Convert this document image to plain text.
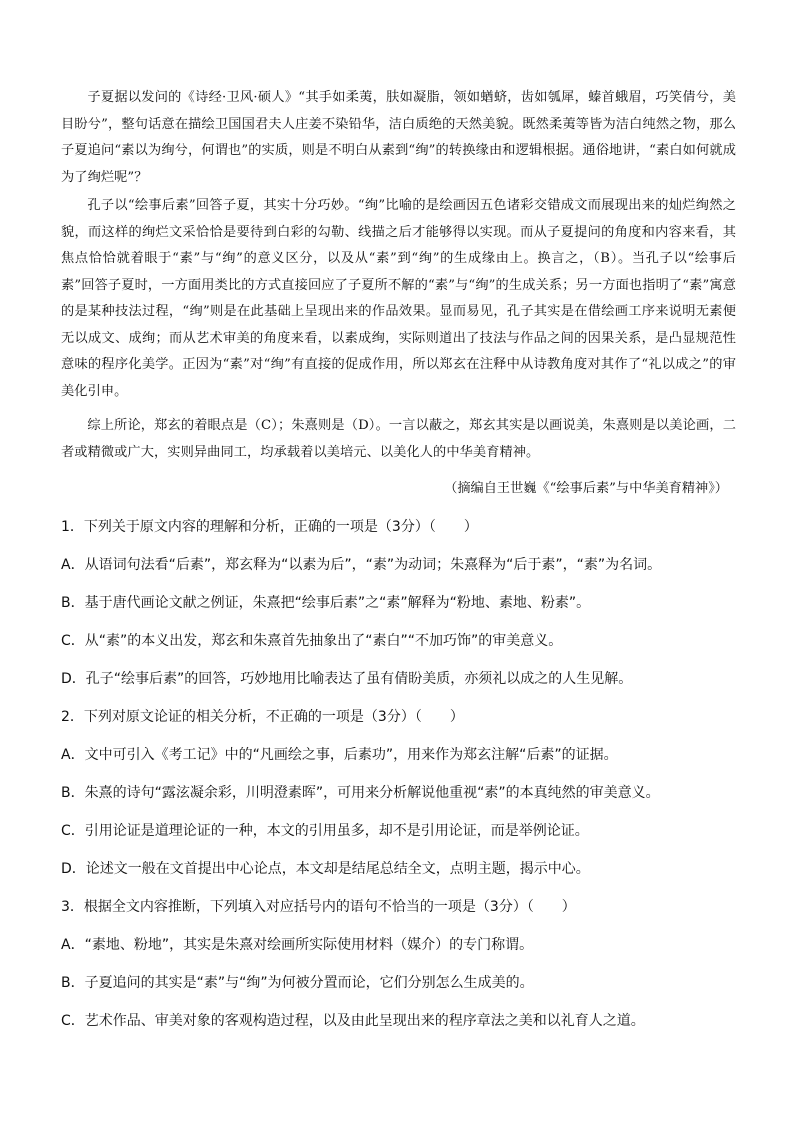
子夏据以发问的《诗经·卫风·硕人》“其手如柔荑，肤如凝脂，领如蝤蛴，齿如瓠犀，螓首蛾眉，巧笑倩兮，美目盼兮”，整句话意在描绘卫国国君夫人庄姜不染铅华，洁白质绝的天然美貌。既然柔荑等皆为洁白纯然之物，那么子夏追问“素以为绚兮，何谓也”的实质，则是不明白从素到“绚”的转换缘由和逻辑根据。通俗地讲，“素白如何就成为了绚烂呢”？

孔子以“绘事后素”回答子夏，其实十分巧妙。“绚”比喻的是绘画因五色诸彩交错成文而展现出来的灿烂绚然之貌，而这样的绚烂文采恰恰是要待到白彩的勾勒、线描之后才能够得以实现。而从子夏提问的角度和内容来看，其焦点恰恰就着眼于“素”与“绚”的意义区分，以及从“素”到“绚”的生成缘由上。换言之，（B）。当孔子以“绘事后素”回答子夏时，一方面用类比的方式直接回应了子夏所不解的“素”与“绚”的生成关系；另一方面也指明了“素”寓意的是某种技法过程，“绚”则是在此基础上呈现出来的作品效果。显而易见，孔子其实是在借绘画工序来说明无素便无以成文、成绚；而从艺术审美的角度来看，以素成绚，实际则道出了技法与作品之间的因果关系，是凸显规范性意味的程序化美学。正因为“素”对“绚”有直接的促成作用，所以郑玄在注释中从诗教角度对其作了“礼以成之”的审美化引申。

综上所论，郑玄的着眼点是（C）；朱熹则是（D）。一言以蔽之，郑玄其实是以画说美，朱熹则是以美论画，二者或精微或广大，实则异曲同工，均承载着以美培元、以美化人的中华美育精神。

（摘编自王世巍《“绘事后素”与中华美育精神》）
1．下列关于原文内容的理解和分析，正确的一项是（3分）（　　）
A．从语词句法看“后素”，郑玄释为“以素为后”，“素”为动词；朱熹释为“后于素”，“素”为名词。
B．基于唐代画论文献之例证，朱熹把“绘事后素”之“素”解释为“粉地、素地、粉素”。
C．从“素”的本义出发，郑玄和朱熹首先抽象出了“素白”“不加巧饰”的审美意义。
D．孔子“绘事后素”的回答，巧妙地用比喻表达了虽有倩盼美质，亦须礼以成之的人生见解。
2．下列对原文论证的相关分析，不正确的一项是（3分）（　　）
A．文中可引入《考工记》中的“凡画绘之事，后素功”，用来作为郑玄注解“后素”的证据。
B．朱熹的诗句“露泫凝余彩，川明澄素晖”，可用来分析解说他重视“素”的本真纯然的审美意义。
C．引用论证是道理论证的一种，本文的引用虽多，却不是引用论证，而是举例论证。
D．论述文一般在文首提出中心论点，本文却是结尾总结全文，点明主题，揭示中心。
3．根据全文内容推断，下列填入对应括号内的语句不恰当的一项是（3分）（　　）
A．“素地、粉地”，其实是朱熹对绘画所实际使用材料（媒介）的专门称谓。
B．子夏追问的其实是“素”与“绚”为何被分置而论，它们分别怎么生成美的。
C．艺术作品、审美对象的客观构造过程，以及由此呈现出来的程序章法之美和以礼育人之道。
